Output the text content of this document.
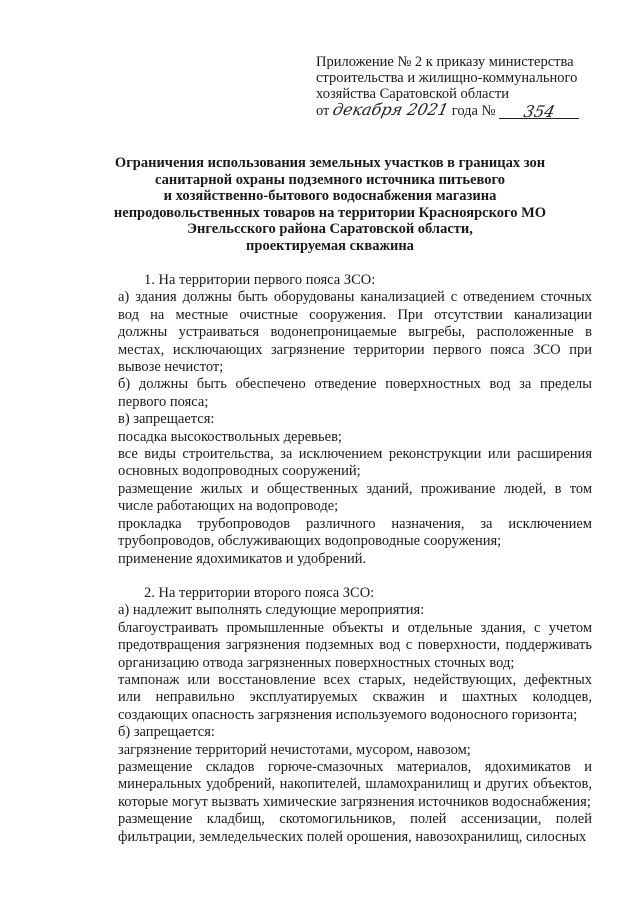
Приложение № 2 к приказу министерства
строительства и жилищно-коммунального
хозяйства Саратовской области
от декабря 2021 года № 354
Ограничения использования земельных участков в границах зон
санитарной охраны подземного источника питьевого
и хозяйственно-бытового водоснабжения магазина
непродовольственных товаров на территории Красноярского МО
Энгельсского района Саратовской области,
проектируемая скважина

1. На территории первого пояса ЗСО:

а) здания должны быть оборудованы канализацией с отведением сточных вод на местные очистные сооружения. При отсутствии канализации должны устраиваться водонепроницаемые выгребы, расположенные в местах, исключающих загрязнение территории первого пояса ЗСО при вывозе нечистот;

б) должны быть обеспечено отведение поверхностных вод за пределы первого пояса;

в) запрещается:

посадка высокоствольных деревьев;

все виды строительства, за исключением реконструкции или расширения основных водопроводных сооружений;

размещение жилых и общественных зданий, проживание людей, в том числе работающих на водопроводе;

прокладка трубопроводов различного назначения, за исключением трубопроводов, обслуживающих водопроводные сооружения;

применение ядохимикатов и удобрений.

2. На территории второго пояса ЗСО:

а) надлежит выполнять следующие мероприятия:

благоустраивать промышленные объекты и отдельные здания, с учетом предотвращения загрязнения подземных вод с поверхности, поддерживать организацию отвода загрязненных поверхностных сточных вод;

тампонаж или восстановление всех старых, недействующих, дефектных или неправильно эксплуатируемых скважин и шахтных колодцев, создающих опасность загрязнения используемого водоносного горизонта;

б) запрещается:

загрязнение территорий нечистотами, мусором, навозом;

размещение складов горюче-смазочных материалов, ядохимикатов и минеральных удобрений, накопителей, шламохранилищ и других объектов, которые могут вызвать химические загрязнения источников водоснабжения;

размещение кладбищ, скотомогильников, полей ассенизации, полей фильтрации, земледельческих полей орошения, навозохранилищ, силосных
